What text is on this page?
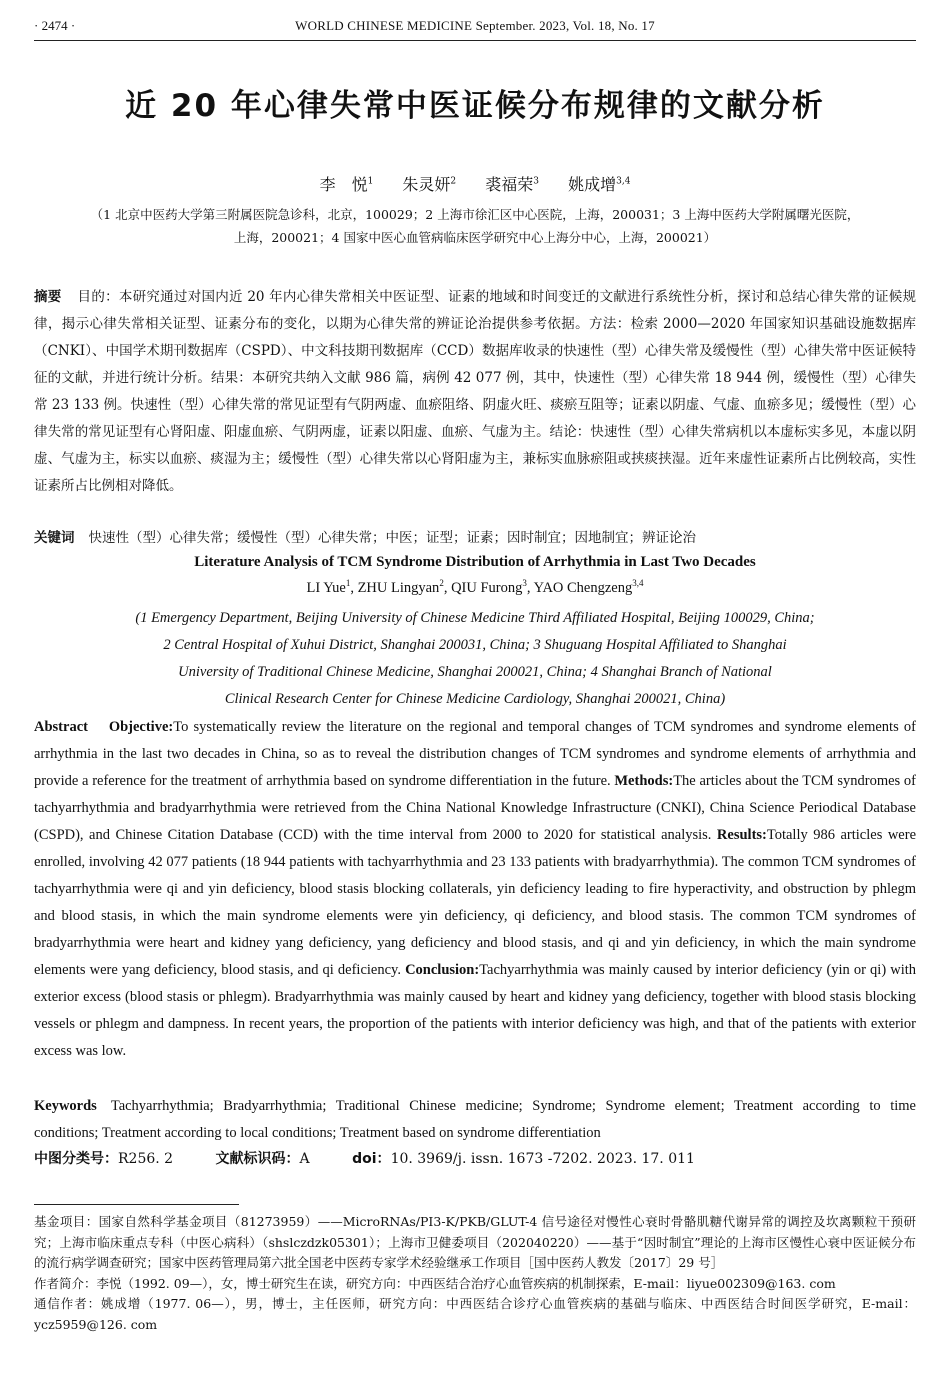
· 2474 ·	WORLD CHINESE MEDICINE September. 2023, Vol. 18, No. 17
近 20 年心律失常中医证候分布规律的文献分析
李　悦$^1$ 朱灵妍$^2$ 裘福荣$^3$ 姚成增$^{3,4}$
（1 北京中医药大学第三附属医院急诊科，北京，100029；2 上海市徐汇区中心医院，上海，200031；3 上海中医药大学附属曙光医院，
上海，200021；4 国家中医心血管病临床医学研究中心上海分中心，上海，200021）
摘要 目的：本研究通过对国内近 20 年内心律失常相关中医证型、证素的地域和时间变迁的文献进行系统性分析，探讨和总结心律失常的证候规律，揭示心律失常相关证型、证素分布的变化，以期为心律失常的辨证论治提供参考依据。方法：检索 2000—2020 年国家知识基础设施数据库（CNKI）、中国学术期刊数据库（CSPD）、中文科技期刊数据库（CCD）数据库收录的快速性（型）心律失常及缓慢性（型）心律失常中医证候特征的文献，并进行统计分析。结果：本研究共纳入文献 986 篇，病例 42 077 例，其中，快速性（型）心律失常 18 944 例，缓慢性（型）心律失常 23 133 例。快速性（型）心律失常的常见证型有气阴两虚、血瘀阻络、阴虚火旺、痰瘀互阻等；证素以阴虚、气虚、血瘀多见；缓慢性（型）心律失常的常见证型有心肾阳虚、阳虚血瘀、气阴两虚，证素以阳虚、血瘀、气虚为主。结论：快速性（型）心律失常病机以本虚标实多见，本虚以阴虚、气虚为主，标实以血瘀、痰湿为主；缓慢性（型）心律失常以心肾阳虚为主，兼标实血脉瘀阻或挟痰挟湿。近年来虚性证素所占比例较高，实性证素所占比例相对降低。
关键词 快速性（型）心律失常；缓慢性（型）心律失常；中医；证型；证素；因时制宜；因地制宜；辨证论治
Literature Analysis of TCM Syndrome Distribution of Arrhythmia in Last Two Decades
LI Yue$^1$, ZHU Lingyan$^2$, QIU Furong$^3$, YAO Chengzeng$^{3,4}$
(1 Emergency Department, Beijing University of Chinese Medicine Third Affiliated Hospital, Beijing 100029, China;
2 Central Hospital of Xuhui District, Shanghai 200031, China; 3 Shuguang Hospital Affiliated to Shanghai
University of Traditional Chinese Medicine, Shanghai 200021, China; 4 Shanghai Branch of National
Clinical Research Center for Chinese Medicine Cardiology, Shanghai 200021, China)
Abstract Objective:To systematically review the literature on the regional and temporal changes of TCM syndromes and syndrome elements of arrhythmia in the last two decades in China, so as to reveal the distribution changes of TCM syndromes and syndrome elements of arrhythmia and provide a reference for the treatment of arrhythmia based on syndrome differentiation in the future. Methods:The articles about the TCM syndromes of tachyarrhythmia and bradyarrhythmia were retrieved from the China National Knowledge Infrastructure (CNKI), China Science Periodical Database (CSPD), and Chinese Citation Database (CCD) with the time interval from 2000 to 2020 for statistical analysis. Results:Totally 986 articles were enrolled, involving 42 077 patients (18 944 patients with tachyarrhythmia and 23 133 patients with bradyarrhythmia). The common TCM syndromes of tachyarrhythmia were qi and yin deficiency, blood stasis blocking collaterals, yin deficiency leading to fire hyperactivity, and obstruction by phlegm and blood stasis, in which the main syndrome elements were yin deficiency, qi deficiency, and blood stasis. The common TCM syndromes of bradyarrhythmia were heart and kidney yang deficiency, yang deficiency and blood stasis, and qi and yin deficiency, in which the main syndrome elements were yang deficiency, blood stasis, and qi deficiency. Conclusion:Tachyarrhythmia was mainly caused by interior deficiency (yin or qi) with exterior excess (blood stasis or phlegm). Bradyarrhythmia was mainly caused by heart and kidney yang deficiency, together with blood stasis blocking vessels or phlegm and dampness. In recent years, the proportion of the patients with interior deficiency was high, and that of the patients with exterior excess was low.
Keywords Tachyarrhythmia; Bradyarrhythmia; Traditional Chinese medicine; Syndrome; Syndrome element; Treatment according to time conditions; Treatment according to local conditions; Treatment based on syndrome differentiation
中图分类号：R256. 2	文献标识码：A	doi：10. 3969/j. issn. 1673 -7202. 2023. 17. 011

基金项目：国家自然科学基金项目（81273959）——MicroRNAs/PI3-K/PKB/GLUT-4 信号途径对慢性心衰时骨骼肌糖代谢异常的调控及坎离颗粒干预研究；上海市临床重点专科（中医心病科）（shslczdzk05301）；上海市卫健委项目（202040220）——基于“因时制宜”理论的上海市区慢性心衰中医证候分布的流行病学调查研究；国家中医药管理局第六批全国老中医药专家学术经验继承工作项目［国中医药人教发〔2017〕29 号］

作者简介：李悦（1992. 09—），女，博士研究生在读，研究方向：中西医结合治疗心血管疾病的机制探索，E-mail：liyue002309@163. com

通信作者：姚成增（1977. 06—），男，博士，主任医师，研究方向：中西医结合诊疗心血管疾病的基础与临床、中西医结合时间医学研究，E-mail：ycz5959@126. com
